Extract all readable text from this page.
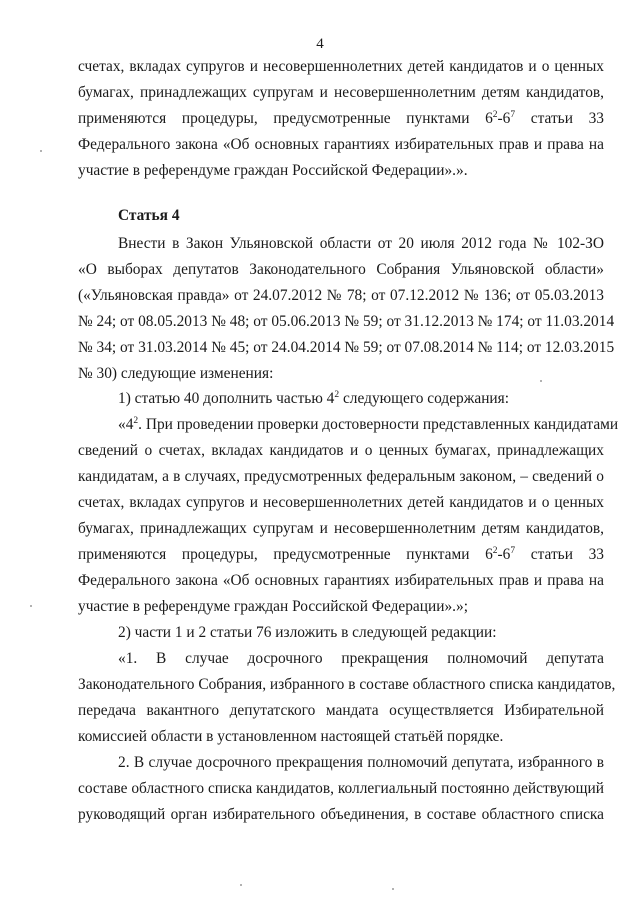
4
счетах, вкладах супругов и несовершеннолетних детей кандидатов и о ценных
бумагах, принадлежащих супругам и несовершеннолетним детям кандидатов,
применяются процедуры, предусмотренные пунктами $6^2-6^7$ статьи 33
Федерального закона «Об основных гарантиях избирательных прав и права на
участие в референдуме граждан Российской Федерации».».
Статья 4
Внести в Закон Ульяновской области от 20 июля 2012 года № 102-ЗО
«О выборах депутатов Законодательного Собрания Ульяновской области»
(«Ульяновская правда» от 24.07.2012 № 78; от 07.12.2012 № 136; от 05.03.2013
№ 24; от 08.05.2013 № 48; от 05.06.2013 № 59; от 31.12.2013 № 174; от 11.03.2014
№ 34; от 31.03.2014 № 45; от 24.04.2014 № 59; от 07.08.2014 № 114; от 12.03.2015
№ 30) следующие изменения:
1) статью 40 дополнить частью $4^2$ следующего содержания:
«$4^2$. При проведении проверки достоверности представленных кандидатами
сведений о счетах, вкладах кандидатов и о ценных бумагах, принадлежащих
кандидатам, а в случаях, предусмотренных федеральным законом, – сведений о
счетах, вкладах супругов и несовершеннолетних детей кандидатов и о ценных
бумагах, принадлежащих супругам и несовершеннолетним детям кандидатов,
применяются процедуры, предусмотренные пунктами $6^2-6^7$ статьи 33
Федерального закона «Об основных гарантиях избирательных прав и права на
участие в референдуме граждан Российской Федерации».»;
2) части 1 и 2 статьи 76 изложить в следующей редакции:
«1. В случае досрочного прекращения полномочий депутата
Законодательного Собрания, избранного в составе областного списка кандидатов,
передача вакантного депутатского мандата осуществляется Избирательной
комиссией области в установленном настоящей статьёй порядке.
2. В случае досрочного прекращения полномочий депутата, избранного в
составе областного списка кандидатов, коллегиальный постоянно действующий
руководящий орган избирательного объединения, в составе областного списка
